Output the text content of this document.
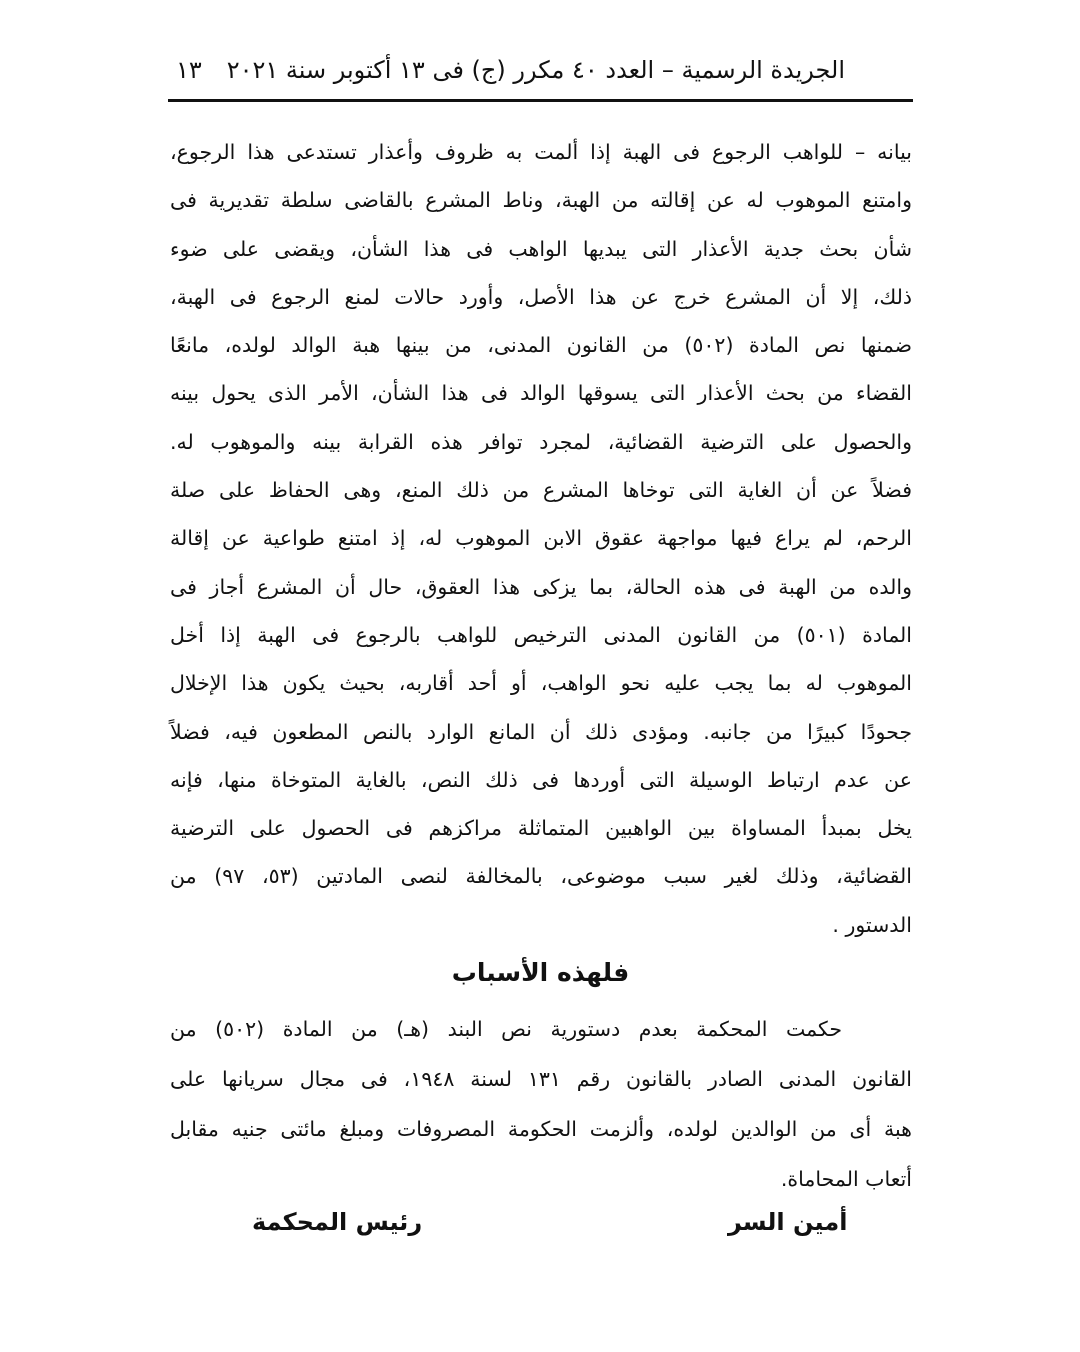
الجريدة الرسمية – العدد ٤٠ مكرر (ج) فى ١٣ أكتوبر سنة ٢٠٢١
١٣
بيانه – للواهب الرجوع فى الهبة إذا ألمت به ظروف وأعذار تستدعى هذا الرجوع،
وامتنع الموهوب له عن إقالته من الهبة، وناط المشرع بالقاضى سلطة تقديرية فى
شأن بحث جدية الأعذار التى يبديها الواهب فى هذا الشأن، ويقضى على ضوء
ذلك، إلا أن المشرع خرج عن هذا الأصل، وأورد حالات لمنع الرجوع فى الهبة،
ضمنها نص المادة (٥٠٢) من القانون المدنى، من بينها هبة الوالد لولده، مانعًا
القضاء من بحث الأعذار التى يسوقها الوالد فى هذا الشأن، الأمر الذى يحول بينه
والحصول على الترضية القضائية، لمجرد توافر هذه القرابة بينه والموهوب له.
فضلاً عن أن الغاية التى توخاها المشرع من ذلك المنع، وهى الحفاظ على صلة
الرحم، لم يراع فيها مواجهة عقوق الابن الموهوب له، إذ امتنع طواعية عن إقالة
والده من الهبة فى هذه الحالة، بما يزكى هذا العقوق، حال أن المشرع أجاز فى
المادة (٥٠١) من القانون المدنى الترخيص للواهب بالرجوع فى الهبة إذا أخل
الموهوب له بما يجب عليه نحو الواهب، أو أحد أقاربه، بحيث يكون هذا الإخلال
جحودًا كبيرًا من جانبه. ومؤدى ذلك أن المانع الوارد بالنص المطعون فيه، فضلاً
عن عدم ارتباط الوسيلة التى أوردها فى ذلك النص، بالغاية المتوخاة منها، فإنه
يخل بمبدأ المساواة بين الواهبين المتماثلة مراكزهم فى الحصول على الترضية
القضائية، وذلك لغير سبب موضوعى، بالمخالفة لنصى المادتين (٥٣، ٩٧) من
الدستور .
فلهذه الأسباب
حكمت المحكمة بعدم دستورية نص البند (هـ) من المادة (٥٠٢) من
القانون المدنى الصادر بالقانون رقم ١٣١ لسنة ١٩٤٨، فى مجال سريانها على
هبة أى من الوالدين لولده، وألزمت الحكومة المصروفات ومبلغ مائتى جنيه مقابل
أتعاب المحاماة.
أمين السر
رئيس المحكمة
